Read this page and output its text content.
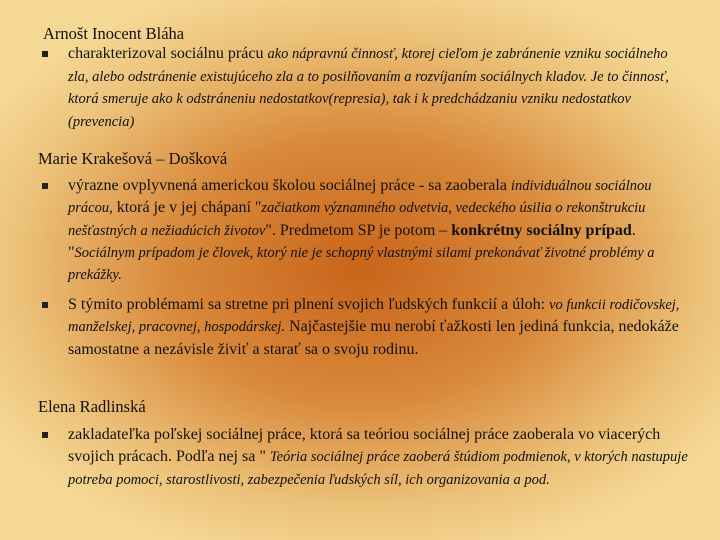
Arnošt Inocent Bláha
charakterizoval sociálnu prácu ako nápravnú činnosť, ktorej cieľom je zabránenie vzniku sociálneho zla, alebo odstránenie existujúceho zla a to posilňovaním a rozvíjaním sociálnych kladov. Je to činnosť, ktorá smeruje ako k odstráneniu nedostatkov(represia), tak i k predchádzaniu vzniku nedostatkov (prevencia)
Marie Krakešová – Došková
výrazne ovplyvnená americkou školou sociálnej práce - sa zaoberala individuálnou sociálnou prácou, ktorá je v jej chápaní "začiatkom významného odvetvia, vedeckého úsilia o rekonštrukciu nešťastných a nežiadúcich životov". Predmetom SP je potom – konkrétny sociálny prípad. "Sociálnym prípadom je človek, ktorý nie je schopný vlastnými silami prekonávať životné problémy a prekážky.
S týmito problémami sa stretne pri plnení svojich ľudských funkcií a úloh: vo funkcii rodičovskej, manželskej, pracovnej, hospodárskej. Najčastejšie mu nerobí ťažkosti len jediná funkcia, nedokáže samostatne a nezávisle živiť a starať sa o svoju rodinu.
Elena Radlinská
zakladateľka poľskej sociálnej práce, ktorá sa teóriou sociálnej práce zaoberala vo viacerých svojich prácach. Podľa nej sa " Teória sociálnej práce zaoberá štúdiom podmienok, v ktorých nastupuje potreba pomoci, starostlivosti, zabezpečenia ľudských síl, ich organizovania a pod.
